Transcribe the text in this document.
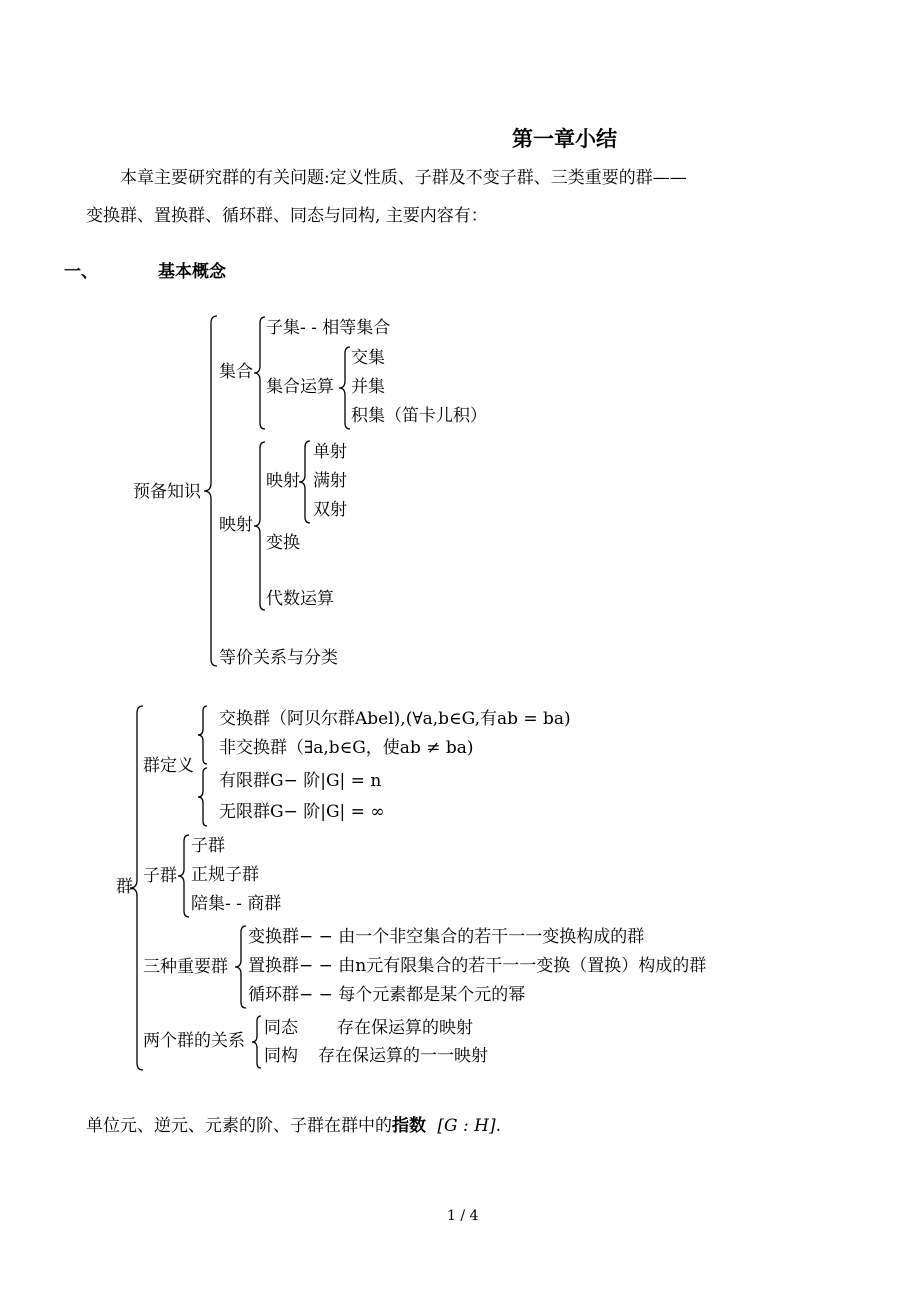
第一章小结
本章主要研究群的有关问题:定义性质、子群及不变子群、三类重要的群——
变换群、置换群、循环群、同态与同构, 主要内容有：
一、	基本概念
预备知识
集合
子集- - 相等集合
集合运算
交集
并集
积集（笛卡儿积）
映射
映射
单射
满射
双射
变换
代数运算
等价关系与分类
群
群定义
交换群（阿贝尔群Abel),(∀a,b∈G,有ab = ba)
非交换群（∃a,b∈G，使ab ≠ ba)
有限群G− 阶|G| = n
无限群G− 阶|G| = ∞
子群
子群
正规子群
陪集- - 商群
三种重要群
变换群− − 由一个非空集合的若干一一变换构成的群
置换群− − 由n元有限集合的若干一一变换（置换）构成的群
循环群− − 每个元素都是某个元的幂
两个群的关系
同态 存在保运算的映射
同构 存在保运算的一一映射
单位元、逆元、元素的阶、子群在群中的指数 [G : H].
1 / 4
